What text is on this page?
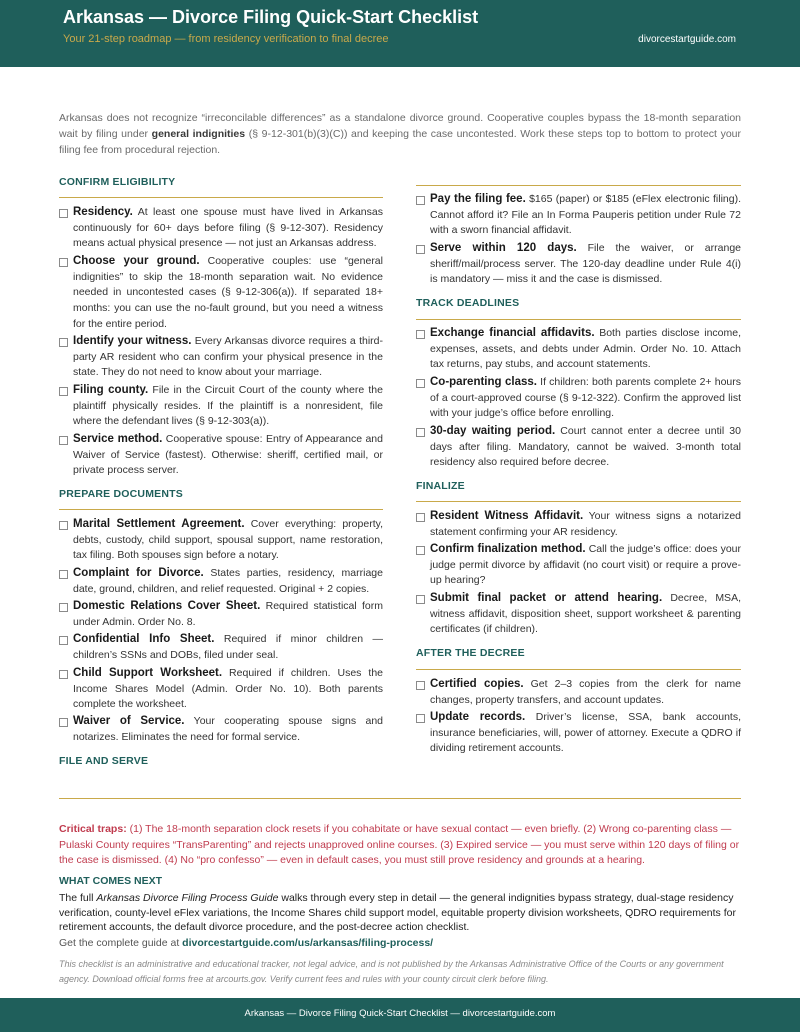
Arkansas — Divorce Filing Quick-Start Checklist
Your 21-step roadmap — from residency verification to final decree	divorcestartguide.com
Arkansas does not recognize “irreconcilable differences” as a standalone divorce ground. Cooperative couples bypass the 18-month separation wait by filing under general indignities (§ 9-12-301(b)(3)(C)) and keeping the case uncontested. Work these steps top to bottom to protect your filing fee from procedural rejection.
CONFIRM ELIGIBILITY
Residency. At least one spouse must have lived in Arkansas continuously for 60+ days before filing (§ 9-12-307). Residency means actual physical presence — not just an Arkansas address.
Choose your ground. Cooperative couples: use “general indignities” to skip the 18-month separation wait. No evidence needed in uncontested cases (§ 9-12-306(a)). If separated 18+ months: you can use the no-fault ground, but you need a witness for the entire period.
Identify your witness. Every Arkansas divorce requires a third-party AR resident who can confirm your physical presence in the state. They do not need to know about your marriage.
Filing county. File in the Circuit Court of the county where the plaintiff physically resides. If the plaintiff is a nonresident, file where the defendant lives (§ 9-12-303(a)).
Service method. Cooperative spouse: Entry of Appearance and Waiver of Service (fastest). Otherwise: sheriff, certified mail, or private process server.
PREPARE DOCUMENTS
Marital Settlement Agreement. Cover everything: property, debts, custody, child support, spousal support, name restoration, tax filing. Both spouses sign before a notary.
Complaint for Divorce. States parties, residency, marriage date, ground, children, and relief requested. Original + 2 copies.
Domestic Relations Cover Sheet. Required statistical form under Admin. Order No. 8.
Confidential Info Sheet. Required if minor children — children’s SSNs and DOBs, filed under seal.
Child Support Worksheet. Required if children. Uses the Income Shares Model (Admin. Order No. 10). Both parents complete the worksheet.
Waiver of Service. Your cooperating spouse signs and notarizes. Eliminates the need for formal service.
FILE AND SERVE
Pay the filing fee. $165 (paper) or $185 (eFlex electronic filing). Cannot afford it? File an In Forma Pauperis petition under Rule 72 with a sworn financial affidavit.
Serve within 120 days. File the waiver, or arrange sheriff/mail/process server. The 120-day deadline under Rule 4(i) is mandatory — miss it and the case is dismissed.
TRACK DEADLINES
Exchange financial affidavits. Both parties disclose income, expenses, assets, and debts under Admin. Order No. 10. Attach tax returns, pay stubs, and account statements.
Co-parenting class. If children: both parents complete 2+ hours of a court-approved course (§ 9-12-322). Confirm the approved list with your judge’s office before enrolling.
30-day waiting period. Court cannot enter a decree until 30 days after filing. Mandatory, cannot be waived. 3-month total residency also required before decree.
FINALIZE
Resident Witness Affidavit. Your witness signs a notarized statement confirming your AR residency.
Confirm finalization method. Call the judge’s office: does your judge permit divorce by affidavit (no court visit) or require a prove-up hearing?
Submit final packet or attend hearing. Decree, MSA, witness affidavit, disposition sheet, support worksheet & parenting certificates (if children).
AFTER THE DECREE
Certified copies. Get 2–3 copies from the clerk for name changes, property transfers, and account updates.
Update records. Driver’s license, SSA, bank accounts, insurance beneficiaries, will, power of attorney. Execute a QDRO if dividing retirement accounts.
Critical traps: (1) The 18-month separation clock resets if you cohabitate or have sexual contact — even briefly. (2) Wrong co-parenting class — Pulaski County requires “TransParenting” and rejects unapproved online courses. (3) Expired service — you must serve within 120 days of filing or the case is dismissed. (4) No “pro confesso” — even in default cases, you must still prove residency and grounds at a hearing.
WHAT COMES NEXT
The full Arkansas Divorce Filing Process Guide walks through every step in detail — the general indignities bypass strategy, dual-stage residency verification, county-level eFlex variations, the Income Shares child support model, equitable property division worksheets, QDRO requirements for retirement accounts, the default divorce procedure, and the post-decree action checklist.
Get the complete guide at divorcestartguide.com/us/arkansas/filing-process/
This checklist is an administrative and educational tracker, not legal advice, and is not published by the Arkansas Administrative Office of the Courts or any government agency. Download official forms free at arcourts.gov. Verify current fees and rules with your county circuit clerk before filing.
Arkansas — Divorce Filing Quick-Start Checklist — divorcestartguide.com
